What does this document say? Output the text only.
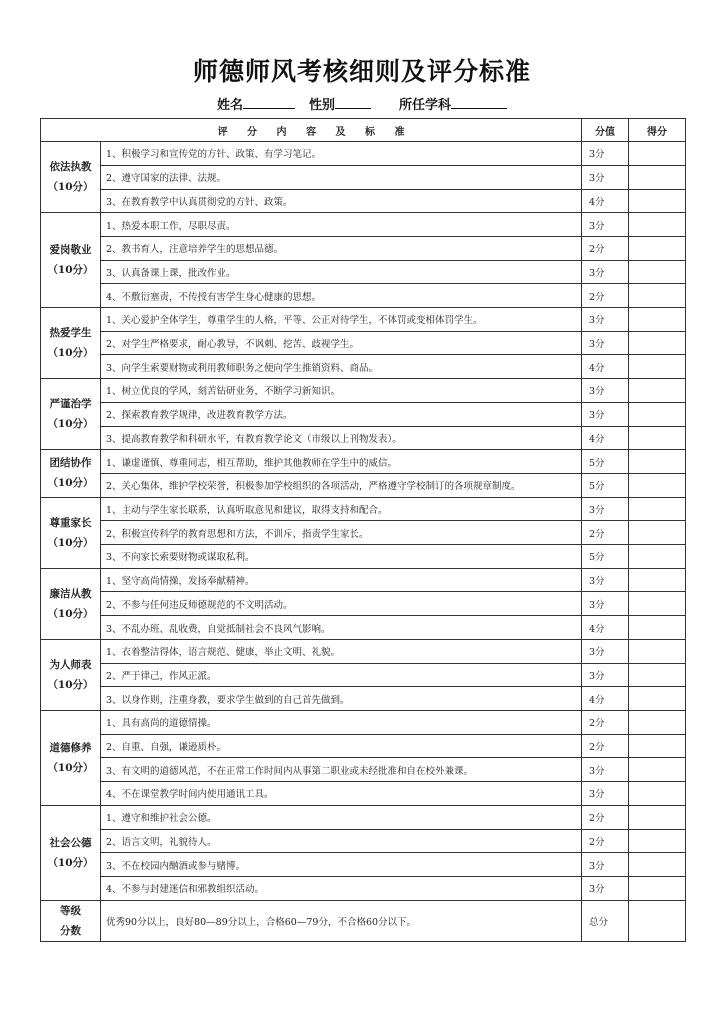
师德师风考核细则及评分标准
姓名	性别	所任学科
评 分 内 容 及 标 准		分值	得分

依法执教
（10分）	1、积极学习和宣传党的方针、政策、有学习笔记。	3分	
	2、遵守国家的法律、法规。	3分	
	3、在教育教学中认真贯彻党的方针、政策。	4分	

爱岗敬业
（10分）	1、热爱本职工作，尽职尽责。	3分	
	2、教书育人，注意培养学生的思想品德。	2分	
	3、认真备课上课，批改作业。	3分	
	4、不敷衍塞责，不传授有害学生身心健康的思想。	2分	

热爱学生
（10分）	1、关心爱护全体学生，尊重学生的人格，平等、公正对待学生，不体罚或变相体罚学生。	3分	
	2、对学生严格要求，耐心教导，不讽刺、挖苦、歧视学生。	3分	
	3、向学生索要财物或利用教师职务之便向学生推销资料、商品。	4分	

严谨治学
（10分）	1、树立优良的学风，刻苦钻研业务，不断学习新知识。	3分	
	2、探索教育教学规律，改进教育教学方法。	3分	
	3、提高教育教学和科研水平，有教育教学论文（市级以上刊物发表）。	4分	

团结协作
（10分）	1、谦虚谨慎、尊重同志，相互帮助，维护其他教师在学生中的威信。	5分	
	2、关心集体，维护学校荣誉，积极参加学校组织的各项活动，严格遵守学校制订的各项规章制度。	5分	

尊重家长
（10分）	1、主动与学生家长联系，认真听取意见和建议，取得支持和配合。	3分	
	2、积极宣传科学的教育思想和方法，不训斥、指责学生家长。	2分	
	3、不向家长索要财物或谋取私利。	5分	

廉洁从教
（10分）	1、坚守高尚情操，发扬奉献精神。	3分	
	2、不参与任何违反师德规范的不文明活动。	3分	
	3、不乱办班、乱收费，自觉抵制社会不良风气影响。	4分	

为人师表
（10分）	1、衣着整洁得体，语言规范、健康，举止文明、礼貌。	3分	
	2、严于律己，作风正派。	3分	
	3、以身作则，注重身教，要求学生做到的自己首先做到。	4分	

道德修养
（10分）	1、具有高尚的道德情操。	2分	
	2、自重、自强，谦逊质朴。	2分	
	3、有文明的道德风范，不在正常工作时间内从事第二职业或未经批准和自在校外兼课。	3分	
	4、不在课堂教学时间内使用通讯工具。	3分	

社会公德
（10分）	1、遵守和维护社会公德。	2分	
	2、语言文明，礼貌待人。	2分	
	3、不在校园内酗酒或参与赌博。	3分	
	4、不参与封建迷信和邪教组织活动。	3分	

等级
分数	优秀90分以上，良好80—89分以上，合格60—79分，不合格60分以下。	总分	
